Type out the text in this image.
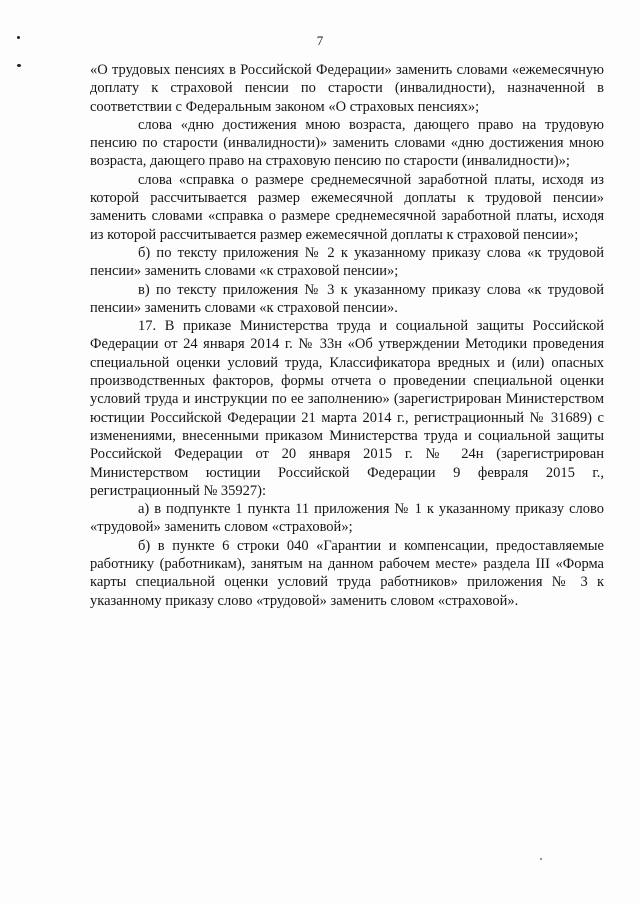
7

«О трудовых пенсиях в Российской Федерации» заменить словами «ежемесячную доплату к страховой пенсии по старости (инвалидности), назначенной в соответствии с Федеральным законом «О страховых пенсиях»;

слова «дню достижения мною возраста, дающего право на трудовую пенсию по старости (инвалидности)» заменить словами «дню достижения мною возраста, дающего право на страховую пенсию по старости (инвалидности)»;

слова «справка о размере среднемесячной заработной платы, исходя из которой рассчитывается размер ежемесячной доплаты к трудовой пенсии» заменить словами «справка о размере среднемесячной заработной платы, исходя из которой рассчитывается размер ежемесячной доплаты к страховой пенсии»;

б) по тексту приложения № 2 к указанному приказу слова «к трудовой пенсии» заменить словами «к страховой пенсии»;

в) по тексту приложения № 3 к указанному приказу слова «к трудовой пенсии» заменить словами «к страховой пенсии».

17. В приказе Министерства труда и социальной защиты Российской Федерации от 24 января 2014 г. № 33н «Об утверждении Методики проведения специальной оценки условий труда, Классификатора вредных и (или) опасных производственных факторов, формы отчета о проведении специальной оценки условий труда и инструкции по ее заполнению» (зарегистрирован Министерством юстиции Российской Федерации 21 марта 2014 г., регистрационный № 31689) с изменениями, внесенными приказом Министерства труда и социальной защиты Российской Федерации от 20 января 2015 г. № 24н (зарегистрирован Министерством юстиции Российской Федерации 9 февраля 2015 г., регистрационный № 35927):

а) в подпункте 1 пункта 11 приложения № 1 к указанному приказу слово «трудовой» заменить словом «страховой»;

б) в пункте 6 строки 040 «Гарантии и компенсации, предоставляемые работнику (работникам), занятым на данном рабочем месте» раздела III «Форма карты специальной оценки условий труда работников» приложения № 3 к указанному приказу слово «трудовой» заменить словом «страховой».
